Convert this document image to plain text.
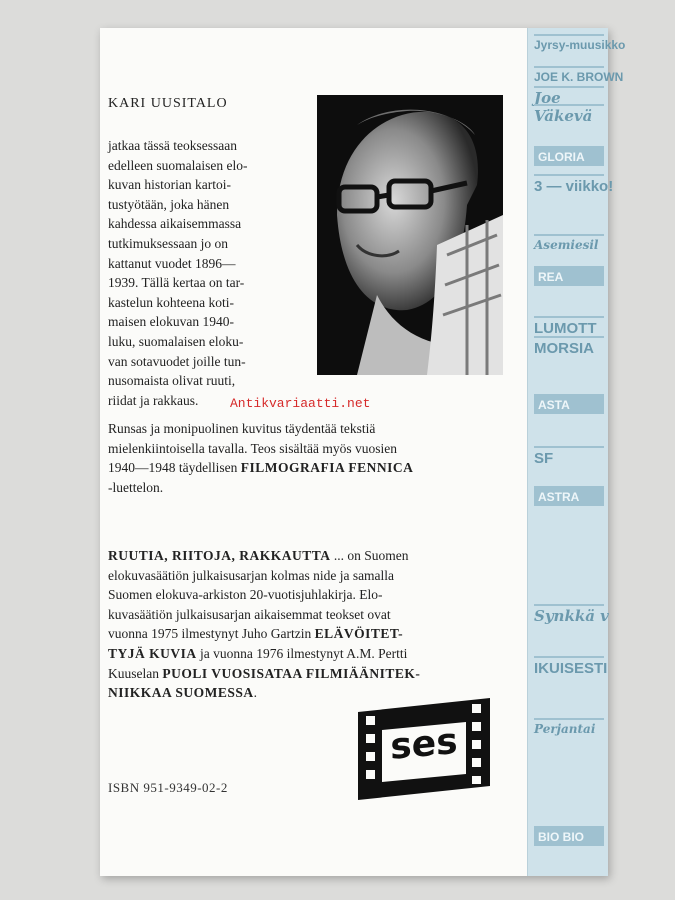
Jyrsy-muusikko
JOE K. BROWN
Joe
Väkevä
GLORIA
3 — viikko!
Asemiesil
REA
LUMOTT
MORSIA
ASTA
SF
ASTRA
Synkkä v
IKUISESTI
Perjantai
BIO BIO
KARI UUSITALO
jatkaa tässä teoksessaan
edelleen suomalaisen elo-
kuvan historian kartoi-
tustyötään, joka hänen
kahdessa aikaisemmassa
tutkimuksessaan jo on
kattanut vuodet 1896—
1939. Tällä kertaa on tar-
kastelun kohteena koti-
maisen elokuvan 1940-
luku, suomalaisen eloku-
van sotavuodet joille tun-
nusomaista olivat ruuti,
riidat ja rakkaus.	Antikvariaatti.net
Runsas ja monipuolinen kuvitus täydentää tekstiä
mielenkiintoisella tavalla. Teos sisältää myös vuosien
1940—1948 täydellisen FILMOGRAFIA FENNICA
-luettelon.
RUUTIA, RIITOJA, RAKKAUTTA ... on Suomen
elokuvasäätiön julkaisusarjan kolmas nide ja samalla
Suomen elokuva-arkiston 20-vuotisjuhlakirja. Elo-
kuvasäätiön julkaisusarjan aikaisemmat teokset ovat
vuonna 1975 ilmestynyt Juho Gartzin ELÄVÖITET-
TYJÄ KUVIA ja vuonna 1976 ilmestynyt A.M. Pertti
Kuuselan PUOLI VUOSISATAA FILMIÄÄNITEK-
NIIKKAA SUOMESSA.
ISBN 951-9349-02-2
ses
